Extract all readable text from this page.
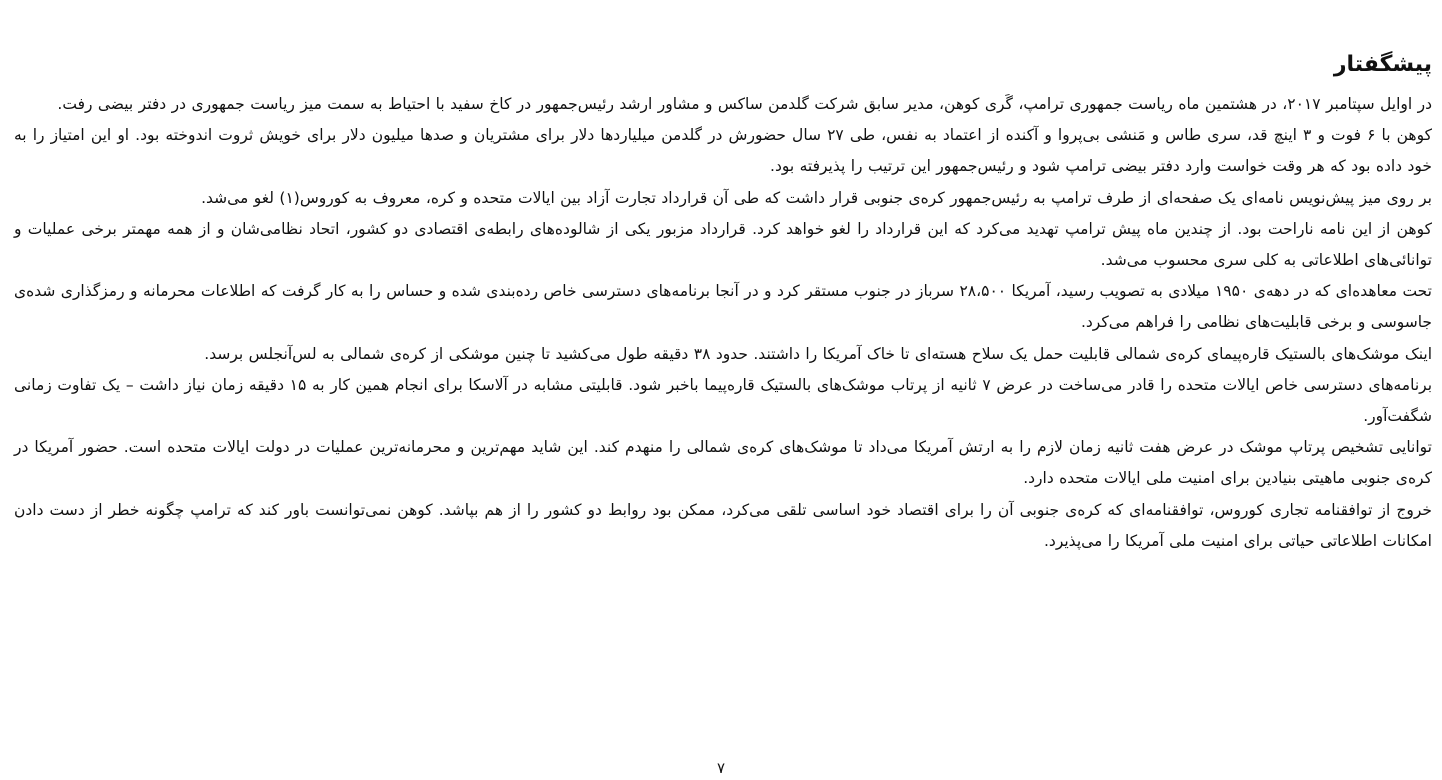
پیشگفتار

در اوایل سپتامبر ۲۰۱۷، در هشتمین ماه ریاست جمهوری ترامپ، گَری کوهن، مدیر سابق شرکت گلدمن ساکس و مشاور ارشد رئیس‌جمهور در کاخ سفید با احتیاط به سمت میز ریاست جمهوری در دفتر بیضی رفت.

کوهن با ۶ فوت و ۳ اینچ قد، سری طاس و مَنشی بی‌پروا و آکنده از اعتماد به نفس، طی ۲۷ سال حضورش در گلدمن میلیاردها دلار برای مشتریان و صدها میلیون دلار برای خویش ثروت اندوخته بود. او این امتیاز را به خود داده بود که هر وقت خواست وارد دفتر بیضی ترامپ شود و رئیس‌جمهور این ترتیب را پذیرفته بود.

بر روی میز پیش‌نویس نامه‌ای یک صفحه‌ای از طرف ترامپ به رئیس‌جمهور کره‌ی جنوبی قرار داشت که طی آن قرارداد تجارت آزاد بین ایالات متحده و کره، معروف به کوروس(۱) لغو می‌شد.

کوهن از این نامه ناراحت بود. از چندین ماه پیش ترامپ تهدید می‌کرد که این قرارداد را لغو خواهد کرد. قرارداد مزبور یکی از شالوده‌های رابطه‌ی اقتصادی دو کشور، اتحاد نظامی‌شان و از همه مهمتر برخی عملیات و توانائی‌های اطلاعاتی به کلی سری محسوب می‌شد.

تحت معاهده‌ای که در دهه‌ی ۱۹۵۰ میلادی به تصویب رسید، آمریکا ۲۸،۵۰۰ سرباز در جنوب مستقر کرد و در آنجا برنامه‌های دسترسی خاص رده‌بندی شده و حساس را به کار گرفت که اطلاعات محرمانه و رمزگذاری شده‌ی جاسوسی و برخی قابلیت‌های نظامی را فراهم می‌کرد.

اینک موشک‌های بالستیک قاره‌پیمای کره‌ی شمالی قابلیت حمل یک سلاح هسته‌ای تا خاک آمریکا را داشتند. حدود ۳۸ دقیقه طول می‌کشید تا چنین موشکی از کره‌ی شمالی به لس‌آنجلس برسد.

برنامه‌های دسترسی خاص ایالات متحده را قادر می‌ساخت در عرض ۷ ثانیه از پرتاب موشک‌های بالستیک قاره‌پیما باخبر شود. قابلیتی مشابه در آلاسکا برای انجام همین کار به ۱۵ دقیقه زمان نیاز داشت – یک تفاوت زمانی شگفت‌آور.

توانایی تشخیص پرتاپ موشک در عرض هفت ثانیه زمان لازم را به ارتش آمریکا می‌داد تا موشک‌های کره‌ی شمالی را منهدم کند. این شاید مهم‌ترین و محرمانه‌ترین عملیات در دولت ایالات متحده است. حضور آمریکا در کره‌ی جنوبی ماهیتی بنیادین برای امنیت ملی ایالات متحده دارد.

خروج از توافقنامه تجاری کوروس، توافقنامه‌ای که کره‌ی جنوبی آن را برای اقتصاد خود اساسی تلقی می‌کرد، ممکن بود روابط دو کشور را از هم بپاشد. کوهن نمی‌توانست باور کند که ترامپ چگونه خطر از دست دادن امکانات اطلاعاتی حیاتی برای امنیت ملی آمریکا را می‌پذیرد.

۷
